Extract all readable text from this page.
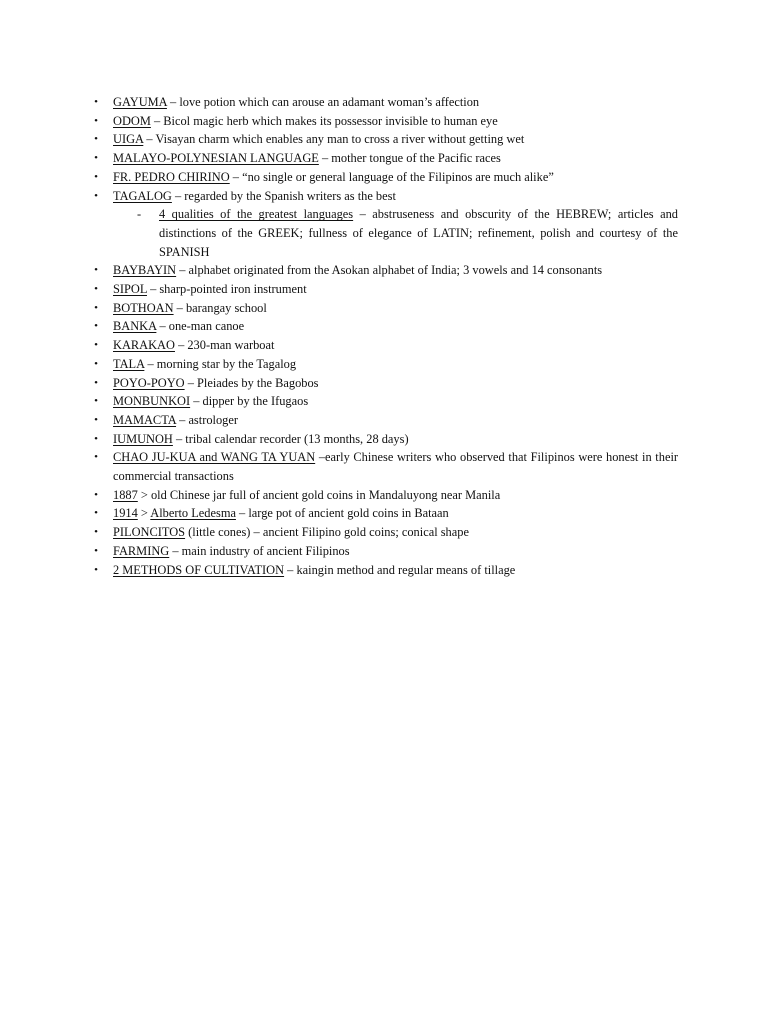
•	GAYUMA – love potion which can arouse an adamant woman’s affection
•	ODOM – Bicol magic herb which makes its possessor invisible to human eye
•	UIGA – Visayan charm which enables any man to cross a river without getting wet
•	MALAYO-POLYNESIAN LANGUAGE – mother tongue of the Pacific races
•	FR. PEDRO CHIRINO – “no single or general language of the Filipinos are much alike”
•	TAGALOG – regarded by the Spanish writers as the best
- 4 qualities of the greatest languages – abstruseness and obscurity of the HEBREW; articles and distinctions of the GREEK; fullness of elegance of LATIN; refinement, polish and courtesy of the SPANISH
•	BAYBAYIN – alphabet originated from the Asokan alphabet of India; 3 vowels and 14 consonants
•	SIPOL – sharp-pointed iron instrument
•	BOTHOAN – barangay school
•	BANKA – one-man canoe
•	KARAKAO – 230-man warboat
•	TALA – morning star by the Tagalog
•	POYO-POYO – Pleiades by the Bagobos
•	MONBUNKOI – dipper by the Ifugaos
•	MAMACTA – astrologer
•	IUMUNOH – tribal calendar recorder (13 months, 28 days)
•	CHAO JU-KUA and WANG TA YUAN –early Chinese writers who observed that Filipinos were honest in their commercial transactions
•	1887 > old Chinese jar full of ancient gold coins in Mandaluyong near Manila
•	1914 > Alberto Ledesma – large pot of ancient gold coins in Bataan
•	PILONCITOS (little cones) – ancient Filipino gold coins; conical shape
•	FARMING – main industry of ancient Filipinos
•	2 METHODS OF CULTIVATION – kaingin method and regular means of tillage
